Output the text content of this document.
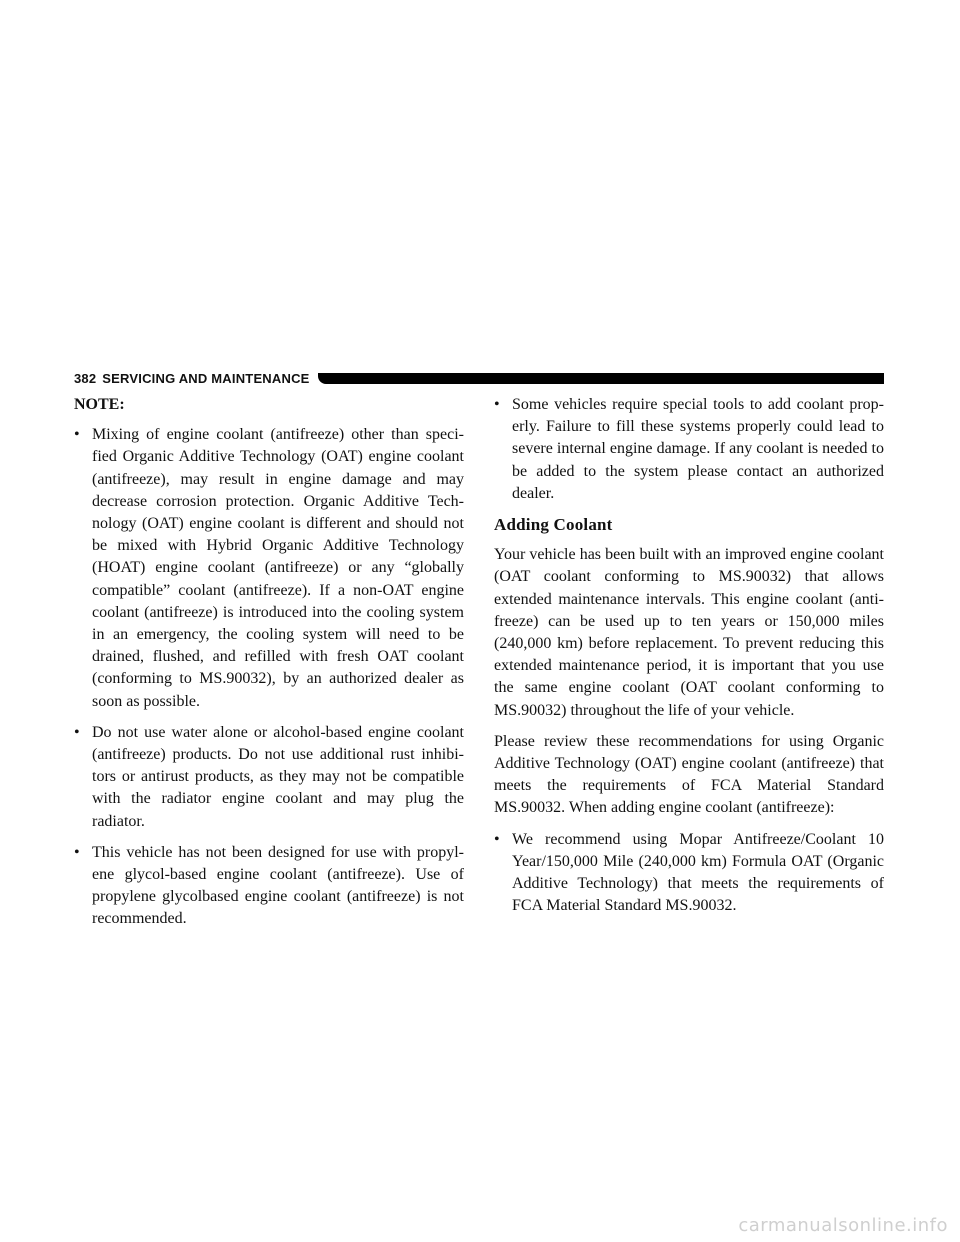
382 SERVICING AND MAINTENANCE
NOTE:
• Mixing of engine coolant (antifreeze) other than speci-fied Organic Additive Technology (OAT) engine coolant (antifreeze), may result in engine damage and may decrease corrosion protection. Organic Additive Tech-nology (OAT) engine coolant is different and should not be mixed with Hybrid Organic Additive Technology (HOAT) engine coolant (antifreeze) or any “globally compatible” coolant (antifreeze). If a non-OAT engine coolant (antifreeze) is introduced into the cooling system in an emergency, the cooling system will need to be drained, flushed, and refilled with fresh OAT coolant (conforming to MS.90032), by an authorized dealer as soon as possible.
• Do not use water alone or alcohol-based engine coolant (antifreeze) products. Do not use additional rust inhibi-tors or antirust products, as they may not be compatible with the radiator engine coolant and may plug the radiator.
• This vehicle has not been designed for use with propyl-ene glycol-based engine coolant (antifreeze). Use of propylene glycolbased engine coolant (antifreeze) is not recommended.
• Some vehicles require special tools to add coolant prop-erly. Failure to fill these systems properly could lead to severe internal engine damage. If any coolant is needed to be added to the system please contact an authorized dealer.
Adding Coolant

Your vehicle has been built with an improved engine coolant (OAT coolant conforming to MS.90032) that allows extended maintenance intervals. This engine coolant (anti-freeze) can be used up to ten years or 150,000 miles (240,000 km) before replacement. To prevent reducing this extended maintenance period, it is important that you use the same engine coolant (OAT coolant conforming to MS.90032) throughout the life of your vehicle.

Please review these recommendations for using Organic Additive Technology (OAT) engine coolant (antifreeze) that meets the requirements of FCA Material Standard MS.90032. When adding engine coolant (antifreeze):

• We recommend using Mopar Antifreeze/Coolant 10 Year/150,000 Mile (240,000 km) Formula OAT (Organic Additive Technology) that meets the requirements of FCA Material Standard MS.90032.
carmanualsonline.info
